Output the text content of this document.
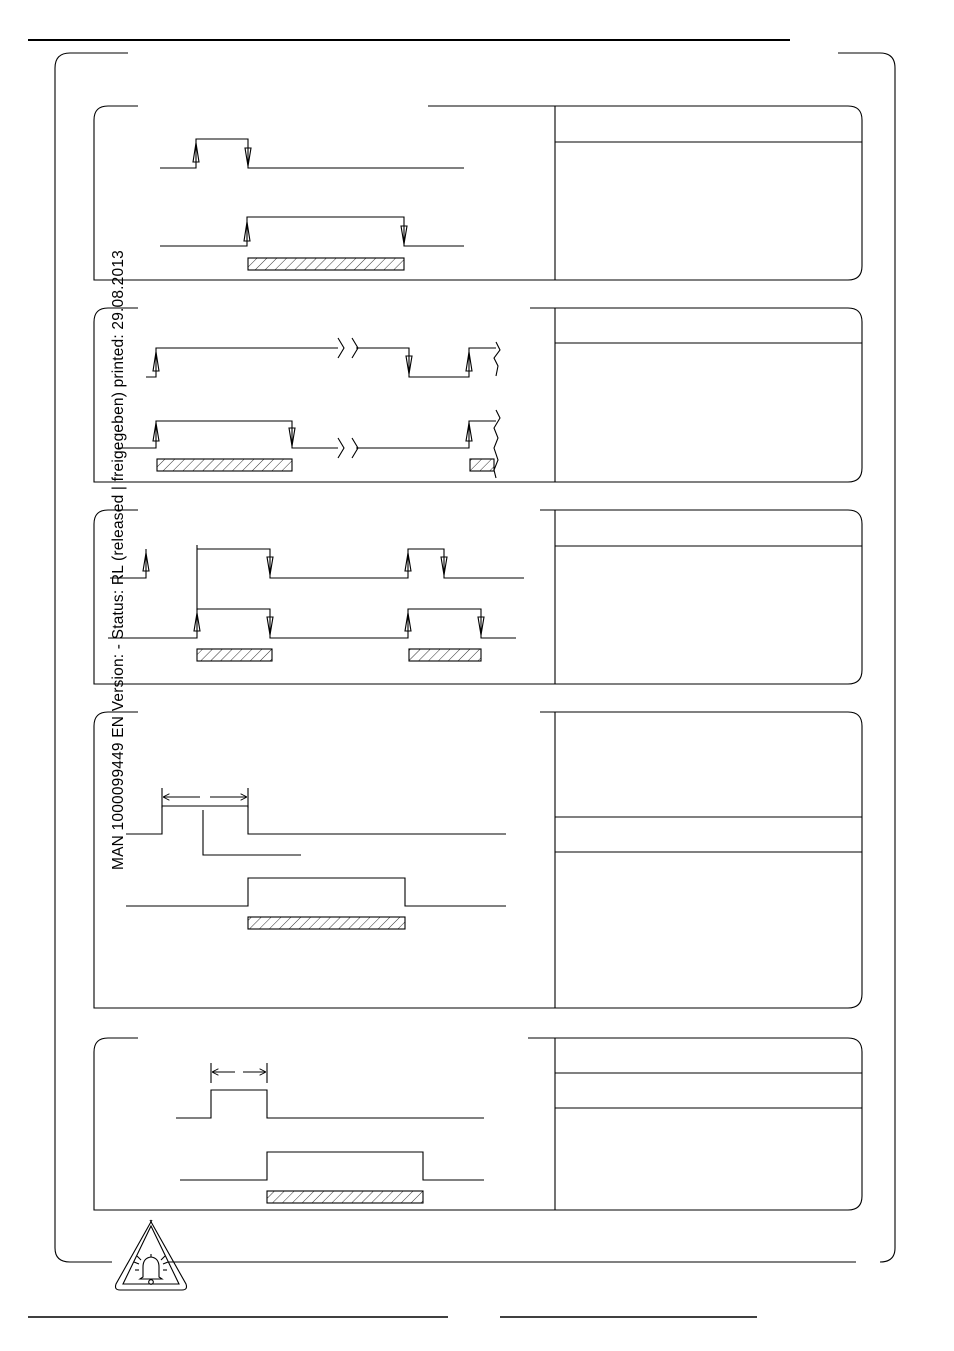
MAN 1000099449 EN Version: - Status: RL (released | freigegeben) printed: 29.08.2013
